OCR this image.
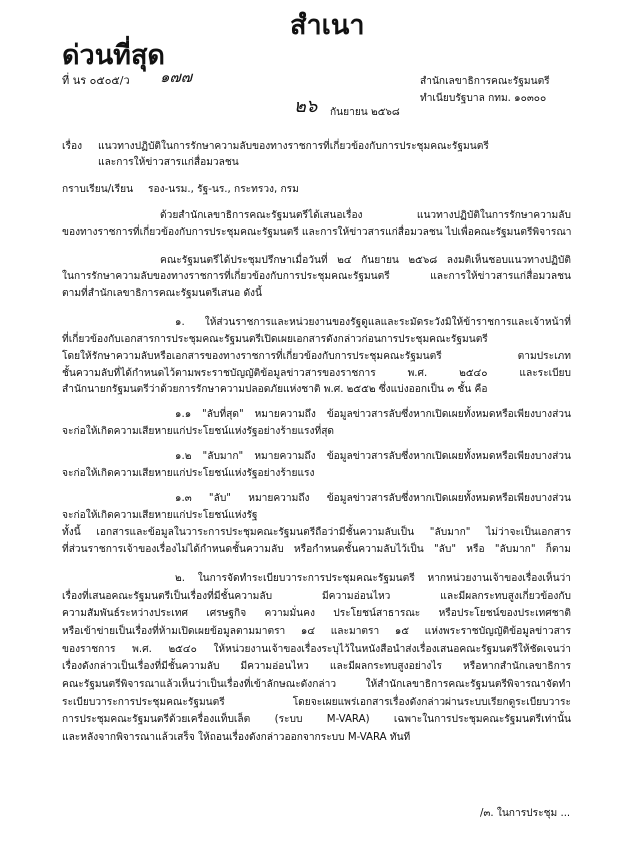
สำเนา
ด่วนที่สุด
ที่ นร ๐๕๐๕/ว ๑๗๗	สำนักเลขาธิการคณะรัฐมนตรี
ทำเนียบรัฐบาล กทม. ๑๐๓๐๐
๒๖ กันยายน ๒๕๖๘
เรื่อง แนวทางปฏิบัติในการรักษาความลับของทางราชการที่เกี่ยวข้องกับการประชุมคณะรัฐมนตรี
และการให้ข่าวสารแก่สื่อมวลชน
กราบเรียน/เรียน รอง-นรม., รัฐ-นร., กระทรวง, กรม
ด้วยสำนักเลขาธิการคณะรัฐมนตรีได้เสนอเรื่อง แนวทางปฏิบัติในการรักษาความลับ
ของทางราชการที่เกี่ยวข้องกับการประชุมคณะรัฐมนตรี และการให้ข่าวสารแก่สื่อมวลชน ไปเพื่อคณะรัฐมนตรีพิจารณา
คณะรัฐมนตรีได้ประชุมปรึกษาเมื่อวันที่ ๒๔ กันยายน ๒๕๖๘ ลงมติเห็นชอบแนวทางปฏิบัติ
ในการรักษาความลับของทางราชการที่เกี่ยวข้องกับการประชุมคณะรัฐมนตรี และการให้ข่าวสารแก่สื่อมวลชน
ตามที่สำนักเลขาธิการคณะรัฐมนตรีเสนอ ดังนี้
๑. ให้ส่วนราชการและหน่วยงานของรัฐดูแลและระมัดระวังมิให้ข้าราชการและเจ้าหน้าที่
ที่เกี่ยวข้องกับเอกสารการประชุมคณะรัฐมนตรีเปิดเผยเอกสารดังกล่าวก่อนการประชุมคณะรัฐมนตรี
โดยให้รักษาความลับหรือเอกสารของทางราชการที่เกี่ยวข้องกับการประชุมคณะรัฐมนตรี ตามประเภท
ชั้นความลับที่ได้กำหนดไว้ตามพระราชบัญญัติข้อมูลข่าวสารของราชการ พ.ศ. ๒๕๔๐ และระเบียบ
สำนักนายกรัฐมนตรีว่าด้วยการรักษาความปลอดภัยแห่งชาติ พ.ศ. ๒๕๕๒ ซึ่งแบ่งออกเป็น ๓ ชั้น คือ
๑.๑ "ลับที่สุด" หมายความถึง ข้อมูลข่าวสารลับซึ่งหากเปิดเผยทั้งหมดหรือเพียงบางส่วน
จะก่อให้เกิดความเสียหายแก่ประโยชน์แห่งรัฐอย่างร้ายแรงที่สุด
๑.๒ "ลับมาก" หมายความถึง ข้อมูลข่าวสารลับซึ่งหากเปิดเผยทั้งหมดหรือเพียงบางส่วน
จะก่อให้เกิดความเสียหายแก่ประโยชน์แห่งรัฐอย่างร้ายแรง
๑.๓ "ลับ" หมายความถึง ข้อมูลข่าวสารลับซึ่งหากเปิดเผยทั้งหมดหรือเพียงบางส่วน
จะก่อให้เกิดความเสียหายแก่ประโยชน์แห่งรัฐ
ทั้งนี้ เอกสารและข้อมูลในวาระการประชุมคณะรัฐมนตรีถือว่ามีชั้นความลับเป็น "ลับมาก" ไม่ว่าจะเป็นเอกสาร
ที่ส่วนราชการเจ้าของเรื่องไม่ได้กำหนดชั้นความลับ หรือกำหนดชั้นความลับไว้เป็น "ลับ" หรือ "ลับมาก" ก็ตาม
๒. ในการจัดทำระเบียบวาระการประชุมคณะรัฐมนตรี หากหน่วยงานเจ้าของเรื่องเห็นว่า
เรื่องที่เสนอคณะรัฐมนตรีเป็นเรื่องที่มีชั้นความลับ มีความอ่อนไหว และมีผลกระทบสูงเกี่ยวข้องกับ
ความสัมพันธ์ระหว่างประเทศ เศรษฐกิจ ความมั่นคง ประโยชน์สาธารณะ หรือประโยชน์ของประเทศชาติ
หรือเข้าข่ายเป็นเรื่องที่ห้ามเปิดเผยข้อมูลตามมาตรา ๑๔ และมาตรา ๑๕ แห่งพระราชบัญญัติข้อมูลข่าวสาร
ของราชการ พ.ศ. ๒๕๔๐ ให้หน่วยงานเจ้าของเรื่องระบุไว้ในหนังสือนำส่งเรื่องเสนอคณะรัฐมนตรีให้ชัดเจนว่า
เรื่องดังกล่าวเป็นเรื่องที่มีชั้นความลับ มีความอ่อนไหว และมีผลกระทบสูงอย่างไร หรือหากสำนักเลขาธิการ
คณะรัฐมนตรีพิจารณาแล้วเห็นว่าเป็นเรื่องที่เข้าลักษณะดังกล่าว ให้สำนักเลขาธิการคณะรัฐมนตรีพิจารณาจัดทำ
ระเบียบวาระการประชุมคณะรัฐมนตรี โดยจะเผยแพร่เอกสารเรื่องดังกล่าวผ่านระบบเรียกดูระเบียบวาระ
การประชุมคณะรัฐมนตรีด้วยเครื่องแท็บเล็ต (ระบบ M-VARA) เฉพาะในการประชุมคณะรัฐมนตรีเท่านั้น
และหลังจากพิจารณาแล้วเสร็จ ให้ถอนเรื่องดังกล่าวออกจากระบบ M-VARA ทันที
/๓. ในการประชุม ...
